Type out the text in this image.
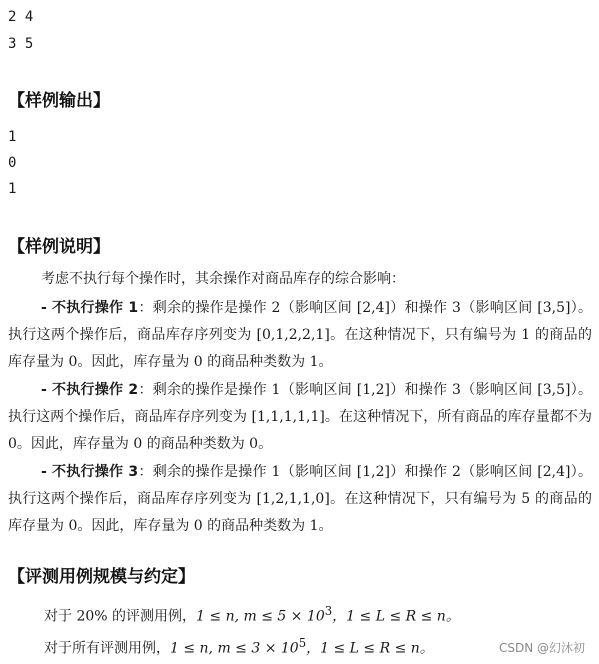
2 4
3 5
【样例输出】
1
0
1
【样例说明】
考虑不执行每个操作时，其余操作对商品库存的综合影响：
- 不执行操作 1：剩余的操作是操作 2（影响区间 [2,4]）和操作 3（影响区间 [3,5]）。执行这两个操作后，商品库存序列变为 [0,1,2,2,1]。在这种情况下，只有编号为 1 的商品的库存量为 0。因此，库存量为 0 的商品种类数为 1。
- 不执行操作 2：剩余的操作是操作 1（影响区间 [1,2]）和操作 3（影响区间 [3,5]）。执行这两个操作后，商品库存序列变为 [1,1,1,1,1]。在这种情况下，所有商品的库存量都不为 0。因此，库存量为 0 的商品种类数为 0。
- 不执行操作 3：剩余的操作是操作 1（影响区间 [1,2]）和操作 2（影响区间 [2,4]）。执行这两个操作后，商品库存序列变为 [1,2,1,1,0]。在这种情况下，只有编号为 5 的商品的库存量为 0。因此，库存量为 0 的商品种类数为 1。
【评测用例规模与约定】
对于 20% 的评测用例，1 ≤ n, $m \le 5 \times 10^3$，1 ≤ L ≤ R ≤ n。
对于所有评测用例，1 ≤ n, $m \le 3 \times 10^5$，1 ≤ L ≤ R ≤ n。	CSDN @幻沐初
